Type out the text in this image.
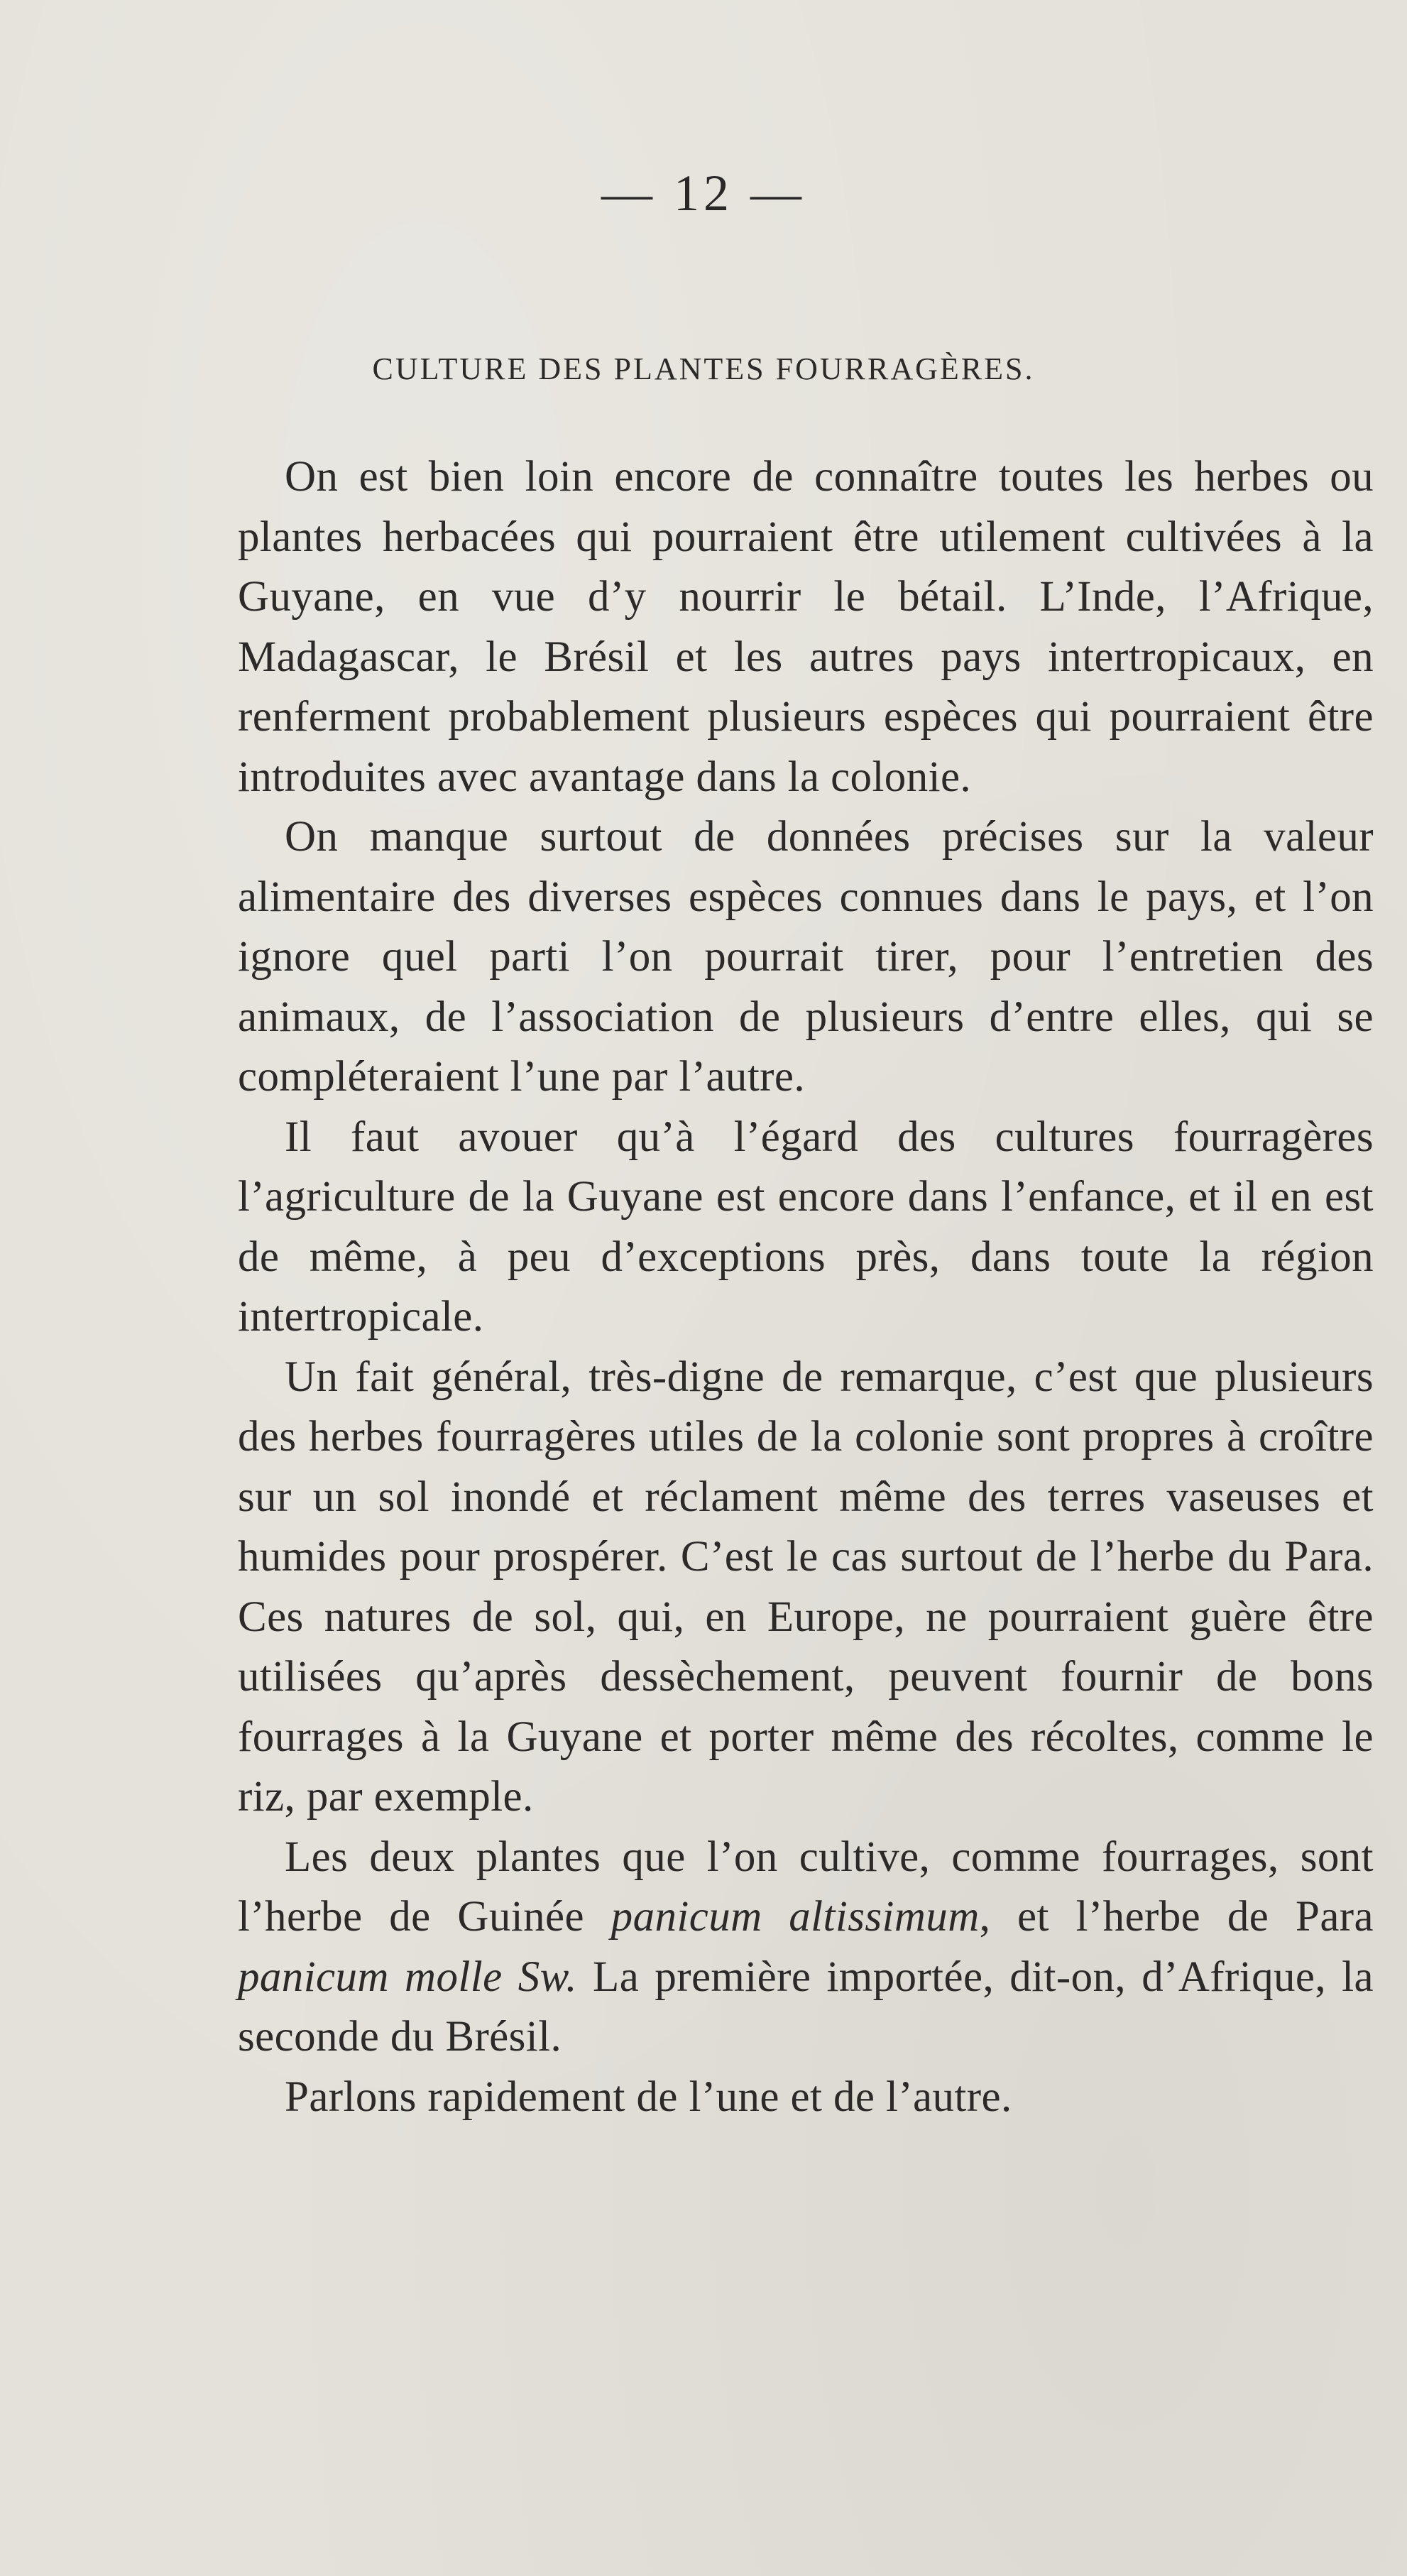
— 12 —
CULTURE DES PLANTES FOURRAGÈRES.

On est bien loin encore de connaître toutes les herbes ou plantes herbacées qui pourraient être utilement cultivées à la Guyane, en vue d’y nourrir le bétail. L’Inde, l’Afrique, Madagascar, le Brésil et les autres pays intertropicaux, en renferment probablement plusieurs espèces qui pourraient être introduites avec avantage dans la colonie.

On manque surtout de données précises sur la valeur alimentaire des diverses espèces connues dans le pays, et l’on ignore quel parti l’on pourrait tirer, pour l’entretien des animaux, de l’association de plusieurs d’entre elles, qui se compléteraient l’une par l’autre.

Il faut avouer qu’à l’égard des cultures fourragères l’agriculture de la Guyane est encore dans l’enfance, et il en est de même, à peu d’exceptions près, dans toute la région intertropicale.

Un fait général, très-digne de remarque, c’est que plusieurs des herbes fourragères utiles de la colonie sont propres à croître sur un sol inondé et réclament même des terres vaseuses et humides pour prospérer. C’est le cas surtout de l’herbe du Para. Ces natures de sol, qui, en Europe, ne pourraient guère être utilisées qu’après dessèchement, peuvent fournir de bons fourrages à la Guyane et porter même des récoltes, comme le riz, par exemple.

Les deux plantes que l’on cultive, comme fourrages, sont l’herbe de Guinée panicum altissimum, et l’herbe de Para panicum molle Sw. La première importée, dit-on, d’Afrique, la seconde du Brésil.

Parlons rapidement de l’une et de l’autre.
